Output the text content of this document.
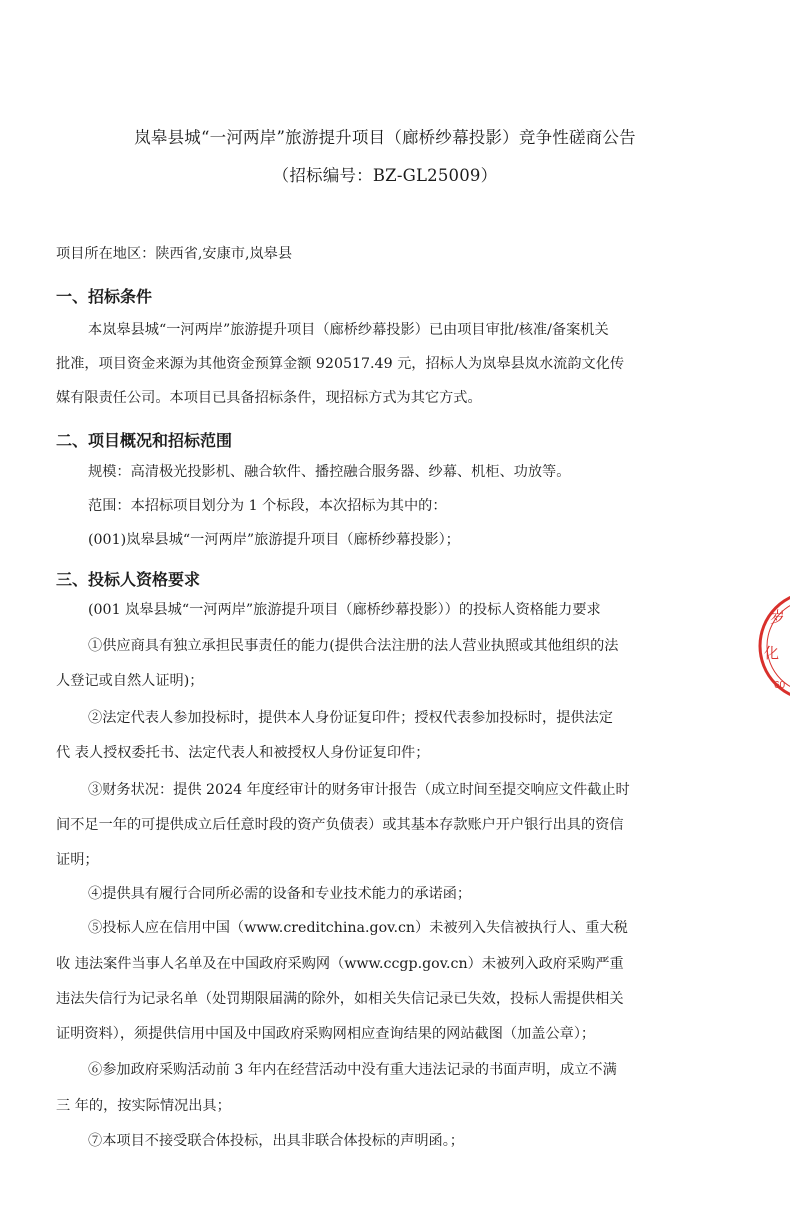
岚皋县城“一河两岸”旅游提升项目（廊桥纱幕投影）竞争性磋商公告
（招标编号：BZ-GL25009）
项目所在地区：陕西省,安康市,岚皋县
一、招标条件
本岚皋县城“一河两岸”旅游提升项目（廊桥纱幕投影）已由项目审批/核准/备案机关
批准，项目资金来源为其他资金预算金额 920517.49 元，招标人为岚皋县岚水流韵文化传
媒有限责任公司。本项目已具备招标条件，现招标方式为其它方式。
二、项目概况和招标范围
规模：高清极光投影机、融合软件、播控融合服务器、纱幕、机柜、功放等。
范围：本招标项目划分为 1 个标段，本次招标为其中的：
(001)岚皋县城“一河两岸”旅游提升项目（廊桥纱幕投影）；
三、投标人资格要求
(001 岚皋县城“一河两岸”旅游提升项目（廊桥纱幕投影））的投标人资格能力要求
①供应商具有独立承担民事责任的能力(提供合法注册的法人营业执照或其他组织的法
人登记或自然人证明)；
②法定代表人参加投标时，提供本人身份证复印件；授权代表参加投标时，提供法定
代 表人授权委托书、法定代表人和被授权人身份证复印件；
③财务状况：提供 2024 年度经审计的财务审计报告（成立时间至提交响应文件截止时
间不足一年的可提供成立后任意时段的资产负债表）或其基本存款账户开户银行出具的资信
证明；
④提供具有履行合同所必需的设备和专业技术能力的承诺函；
⑤投标人应在信用中国（www.creditchina.gov.cn）未被列入失信被执行人、重大税
收 违法案件当事人名单及在中国政府采购网（www.ccgp.gov.cn）未被列入政府采购严重
违法失信行为记录名单（处罚期限届满的除外，如相关失信记录已失效，投标人需提供相关
证明资料），须提供信用中国及中国政府采购网相应查询结果的网站截图（加盖公章）；
⑥参加政府采购活动前 3 年内在经营活动中没有重大违法记录的书面声明，成立不满
三 年的，按实际情况出具；
⑦本项目不接受联合体投标，出具非联合体投标的声明函。；
岁
化
60
